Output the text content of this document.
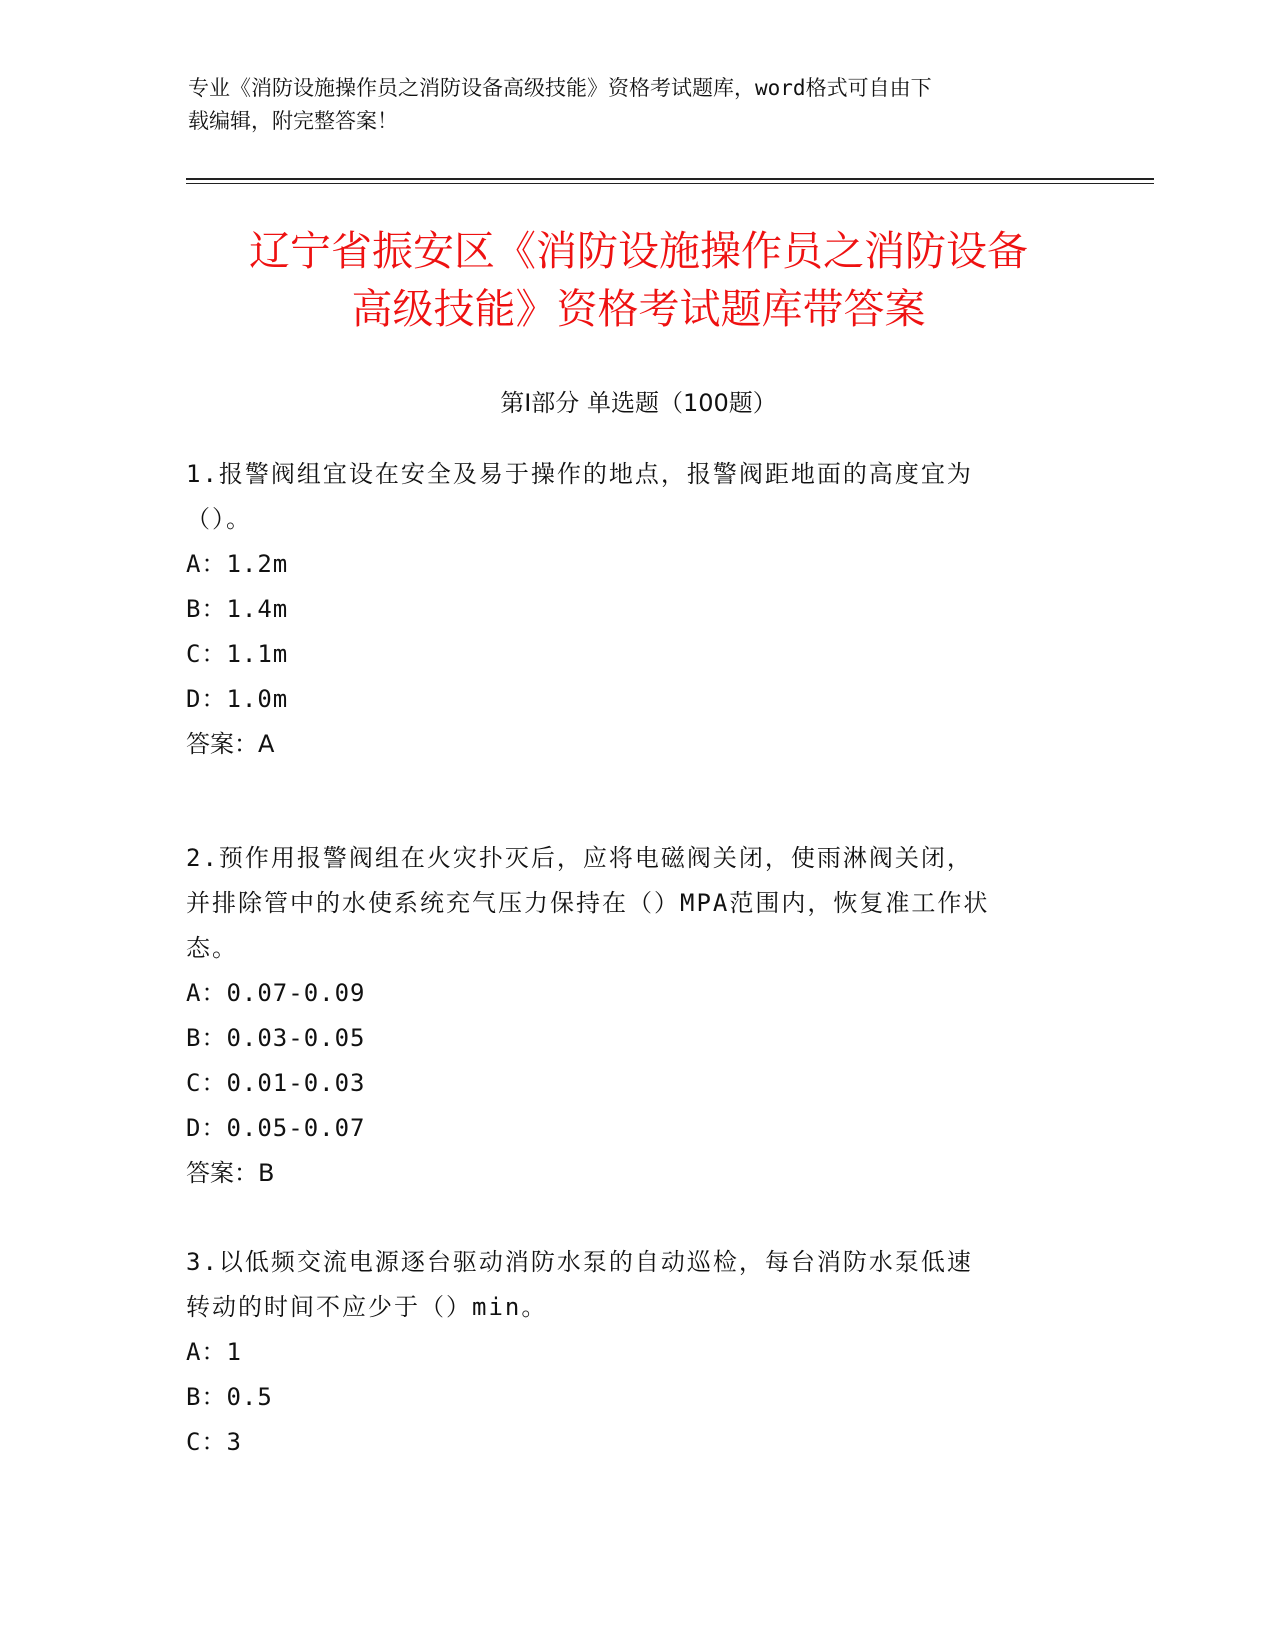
专业《消防设施操作员之消防设备高级技能》资格考试题库，word格式可自由下
载编辑，附完整答案！
辽宁省振安区《消防设施操作员之消防设备
高级技能》资格考试题库带答案
第I部分 单选题（100题）
1.报警阀组宜设在安全及易于操作的地点，报警阀距地面的高度宜为
（）。
A：1.2m
B：1.4m
C：1.1m
D：1.0m
答案：A
2.预作用报警阀组在火灾扑灭后，应将电磁阀关闭，使雨淋阀关闭，
并排除管中的水使系统充气压力保持在（）MPA范围内，恢复准工作状
态。
A：0.07-0.09
B：0.03-0.05
C：0.01-0.03
D：0.05-0.07
答案：B
3.以低频交流电源逐台驱动消防水泵的自动巡检，每台消防水泵低速
转动的时间不应少于（）min。
A：1
B：0.5
C：3
